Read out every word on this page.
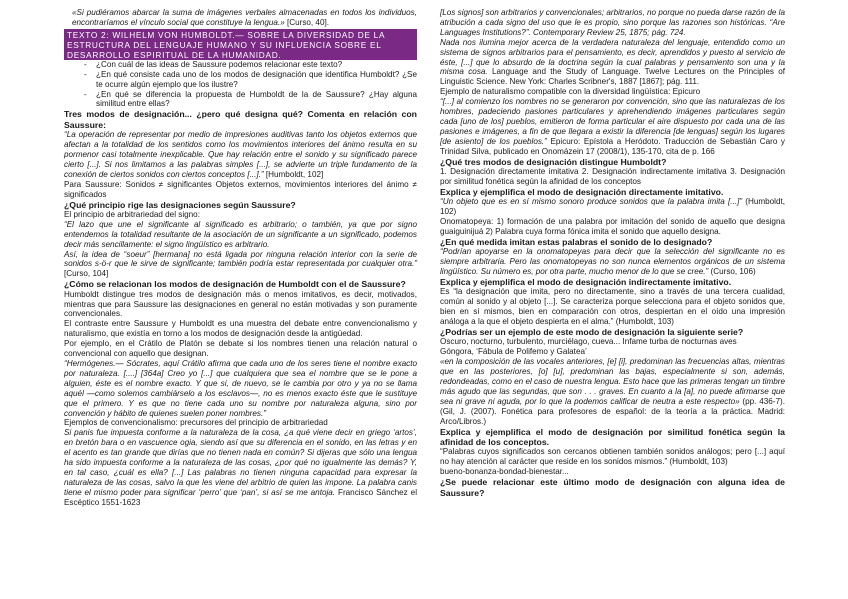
«Si pudiéramos abarcar la suma de imágenes verbales almacenadas en todos los individuos, encontraríamos el vínculo social que constituye la lengua.» [Curso, 40].

TEXTO 2: WILHELM VON HUMBOLDT.— SOBRE LA DIVERSIDAD DE LA ESTRUCTURA DEL LENGUAJE HUMANO Y SU INFLUENCIA SOBRE EL DESARROLLO ESPIRITUAL DE LA HUMANIDAD.
- ¿Con cuál de las ideas de Saussure podemos relacionar este texto?
- ¿En qué consiste cada uno de los modos de designación que identifica Humboldt? ¿Se te ocurre algún ejemplo que los ilustre?
- ¿En qué se diferencia la propuesta de Humboldt de la de Saussure? ¿Hay alguna similitud entre ellas?

Tres modos de designación... ¿pero qué designa qué? Comenta en relación con Saussure:

“La operación de representar por medio de impresiones auditivas tanto los objetos externos que afectan a la totalidad de los sentidos como los movimientos interiores del ánimo resulta en su pormenor casi totalmente inexplicable. Que hay relación entre el sonido y su significado parece cierto [...]. Si nos limitamos a las palabras simples [...], se advierte un triple fundamento de la conexión de ciertos sonidos con ciertos conceptos [...].” [Humboldt, 102]

Para Saussure: Sonidos ≠ significantes Objetos externos, movimientos interiores del ánimo ≠ significados

¿Qué principio rige las designaciones según Saussure?

El principio de arbitrariedad del signo:

“El lazo que une el significante al significado es arbitrario; o también, ya que por signo entendemos la totalidad resultante de la asociación de un significante a un significado, podemos decir más sencillamente: el signo lingüístico es arbitrario.

Así, la idea de “soeur” [hermana] no está ligada por ninguna relación interior con la serie de sonidos s-ö-r que le sirve de significante; también podría estar representada por cualquier otra.” [Curso, 104]

¿Cómo se relacionan los modos de designación de Humboldt con el de Saussure?

Humboldt distingue tres modos de designación más o menos imitativos, es decir, motivados, mientras que para Saussure las designaciones en general no están motivadas y son puramente convencionales.

El contraste entre Saussure y Humboldt es una muestra del debate entre convencionalismo y naturalismo, que existía en torno a los modos de designación desde la antigüedad.

Por ejemplo, en el Crátilo de Platón se debate si los nombres tienen una relación natural o convencional con aquello que designan.

“Hermógenes.— Sócrates, aquí Crátilo afirma que cada uno de los seres tiene el nombre exacto por naturaleza. [....] [364a] Creo yo [...] que cualquiera que sea el nombre que se le pone a alguien, éste es el nombre exacto. Y que si, de nuevo, se le cambia por otro y ya no se llama aquél —como solemos cambiárselo a los esclavos—, no es menos exacto éste que le sustituye que el primero. Y es que no tiene cada uno su nombre por naturaleza alguna, sino por convención y hábito de quienes suelen poner nombres.”

Ejemplos de convencionalismo: precursores del principio de arbitrariedad

Si panis fue impuesta conforme a la naturaleza de la cosa, ¿a qué viene decir en griego ‘artos’, en bretón bara o en vascuence ogia, siendo así que su diferencia en el sonido, en las letras y en el acento es tan grande que dirías que no tienen nada en común? Si dijeras que sólo una lengua ha sido impuesta conforme a la naturaleza de las cosas, ¿por qué no igualmente las demás? Y, en tal caso, ¿cuál es ella? [...] Las palabras no tienen ninguna capacidad para expresar la naturaleza de las cosas, salvo la que les viene del arbitrio de quien las impone. La palabra canis tiene el mismo poder para significar ‘perro’ que ‘pan’, si así se me antoja. Francisco Sánchez el Escéptico 1551-1623

[Los signos] son arbitrarios y convencionales; arbitrarios, no porque no pueda darse razón de la atribución a cada signo del uso que le es propio, sino porque las razones son históricas. “Are Languages Institutions?”. Contemporary Review 25, 1875; pág. 724.

Nada nos ilumina mejor acerca de la verdadera naturaleza del lenguaje, entendido como un sistema de signos arbitrarios para el pensamiento, es decir, aprendidos y puesto al servicio de éste, [...] que lo absurdo de la doctrina según la cual palabras y pensamiento son una y la misma cosa. Language and the Study of Language. Twelve Lectures on the Principles of Linguistic Science. New York: Charles Scribner's, 1887 [1867]; pág. 111.

Ejemplo de naturalismo compatible con la diversidad lingüística: Epicuro

“[...] al comienzo los nombres no se generaron por convención, sino que las naturalezas de los hombres, padeciendo pasiones particulares y aprehendiendo imágenes particulares según cada [uno de los] pueblos, emitieron de forma particular el aire dispuesto por cada una de las pasiones e imágenes, a fin de que llegara a existir la diferencia [de lenguas] según los lugares [de asiento] de los pueblos.” Epicuro: Epístola a Heródoto. Traducción de Sebastián Caro y Trinidad Silva, publicado en Onomázein 17 (2008/1), 135-170, cita de p. 166

¿Qué tres modos de designación distingue Humboldt?

1. Designación directamente imitativa 2. Designación indirectamente imitativa 3. Designación por similitud fonética según la afinidad de los conceptos

Explica y ejemplifica el modo de designación directamente imitativo.

“Un objeto que es en sí mismo sonoro produce sonidos que la palabra imita [...]” (Humboldt, 102)

Onomatopeya: 1) formación de una palabra por imitación del sonido de aquello que designa guaiguinijuá 2) Palabra cuya forma fónica imita el sonido que aquello designa.

¿En qué medida imitan estas palabras el sonido de lo designado?

“Podrían apoyarse en la onomatopeyas para decir que la selección del significante no es siempre arbitraria. Pero las onomatopeyas no son nunca elementos orgánicos de un sistema lingüístico. Su número es, por otra parte, mucho menor de lo que se cree.” (Curso, 106)

Explica y ejemplifica el modo de designación indirectamente imitativo.

Es “la designación que imita, pero no directamente, sino a través de una tercera cualidad, común al sonido y al objeto [...]. Se caracteriza porque selecciona para el objeto sonidos que, bien en sí mismos, bien en comparación con otros, despiertan en el oído una impresión análoga a la que el objeto despierta en el alma.” (Humboldt, 103)

¿Podrías ser un ejemplo de este modo de designación la siguiente serie?

Oscuro, nocturno, turbulento, murciélago, cueva... Infame turba de nocturnas aves

Góngora, ‘Fábula de Polifemo y Galatea’

«en la composición de las vocales anteriores, [e] [i], predominan las frecuencias altas, mientras que en las posteriores, [o] [u], predominan las bajas, especialmente si son, además, redondeadas, como en el caso de nuestra lengua. Esto hace que las primeras tengan un timbre más agudo que las segundas, que son . . . graves. En cuanto a la [a], no puede afirmarse que sea ni grave ni aguda, por lo que la podemos calificar de neutra a este respecto» (pp. 436-7). (Gil, J. (2007). Fonética para profesores de español: de la teoría a la práctica. Madrid: Arco/Libros.)

Explica y ejemplifica el modo de designación por similitud fonética según la afinidad de los conceptos.

“Palabras cuyos significados son cercanos obtienen también sonidos análogos; pero [...] aquí no hay atención al carácter que reside en los sonidos mismos.” (Humboldt, 103)

bueno-bonanza-bondad-bienestar...

¿Se puede relacionar este último modo de designación con alguna idea de Saussure?
